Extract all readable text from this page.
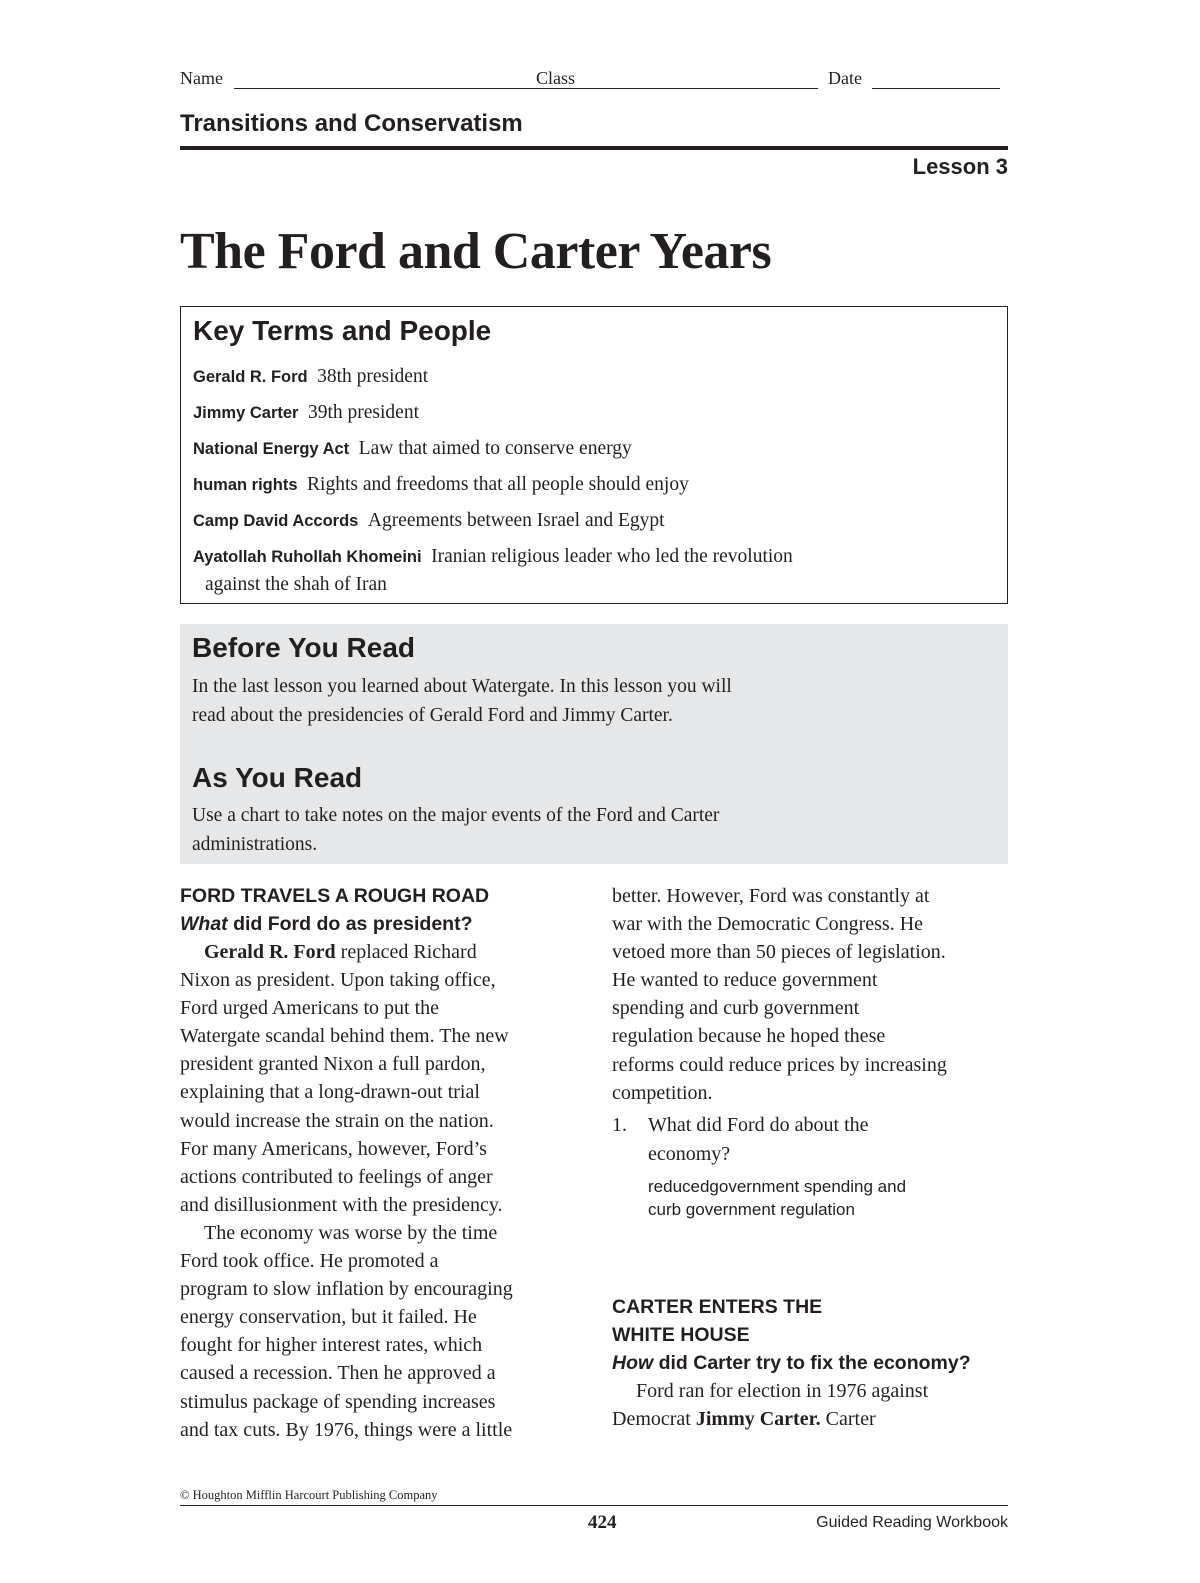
Name	Class	Date
Transitions and Conservatism
Lesson 3
The Ford and Carter Years
Key Terms and People
Gerald R. Ford 38th president
Jimmy Carter 39th president
National Energy Act Law that aimed to conserve energy
human rights Rights and freedoms that all people should enjoy
Camp David Accords Agreements between Israel and Egypt
Ayatollah Ruhollah Khomeini Iranian religious leader who led the revolution
against the shah of Iran
Before You Read
In the last lesson you learned about Watergate. In this lesson you will
read about the presidencies of Gerald Ford and Jimmy Carter.
As You Read
Use a chart to take notes on the major events of the Ford and Carter
administrations.
FORD TRAVELS A ROUGH ROAD
What did Ford do as president?
Gerald R. Ford replaced Richard
Nixon as president. Upon taking office,
Ford urged Americans to put the
Watergate scandal behind them. The new
president granted Nixon a full pardon,
explaining that a long-drawn-out trial
would increase the strain on the nation.
For many Americans, however, Ford’s
actions contributed to feelings of anger
and disillusionment with the presidency.
The economy was worse by the time
Ford took office. He promoted a
program to slow inflation by encouraging
energy conservation, but it failed. He
fought for higher interest rates, which
caused a recession. Then he approved a
stimulus package of spending increases
and tax cuts. By 1976, things were a little
better. However, Ford was constantly at
war with the Democratic Congress. He
vetoed more than 50 pieces of legislation.
He wanted to reduce government
spending and curb government
regulation because he hoped these
reforms could reduce prices by increasing
competition.
1. What did Ford do about the
economy?
reducedgovernment spending and
curb government regulation
CARTER ENTERS THE
WHITE HOUSE
How did Carter try to fix the economy?
Ford ran for election in 1976 against
Democrat Jimmy Carter. Carter
© Houghton Mifflin Harcourt Publishing Company
424	Guided Reading Workbook
